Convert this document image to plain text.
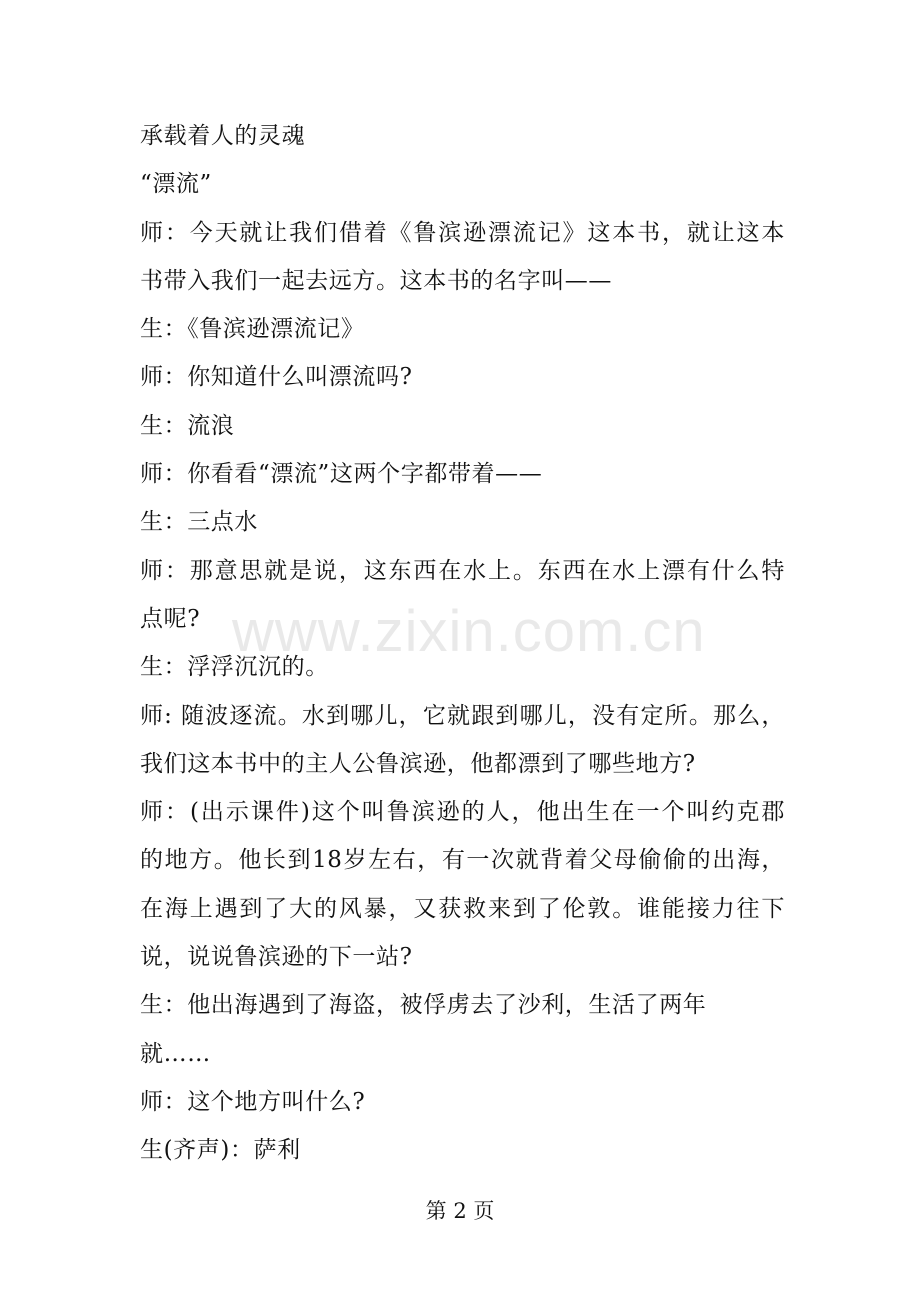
承载着人的灵魂
“漂流”
师：今天就让我们借着《鲁滨逊漂流记》这本书，就让这本
书带入我们一起去远方。这本书的名字叫——
生：《鲁滨逊漂流记》
师：你知道什么叫漂流吗?
生：流浪
师：你看看“漂流”这两个字都带着——
生：三点水
师：那意思就是说，这东西在水上。东西在水上漂有什么特
点呢?
生：浮浮沉沉的。
师: 随波逐流。水到哪儿，它就跟到哪儿，没有定所。那么，
我们这本书中的主人公鲁滨逊，他都漂到了哪些地方?
师：(出示课件)这个叫鲁滨逊的人，他出生在一个叫约克郡
的地方。他长到18岁左右，有一次就背着父母偷偷的出海，
在海上遇到了大的风暴，又获救来到了伦敦。谁能接力往下
说，说说鲁滨逊的下一站?
生：他出海遇到了海盗，被俘虏去了沙利，生活了两年
就……
师：这个地方叫什么?
生(齐声)：萨利
www.zixin.com.cn
第 2 页
